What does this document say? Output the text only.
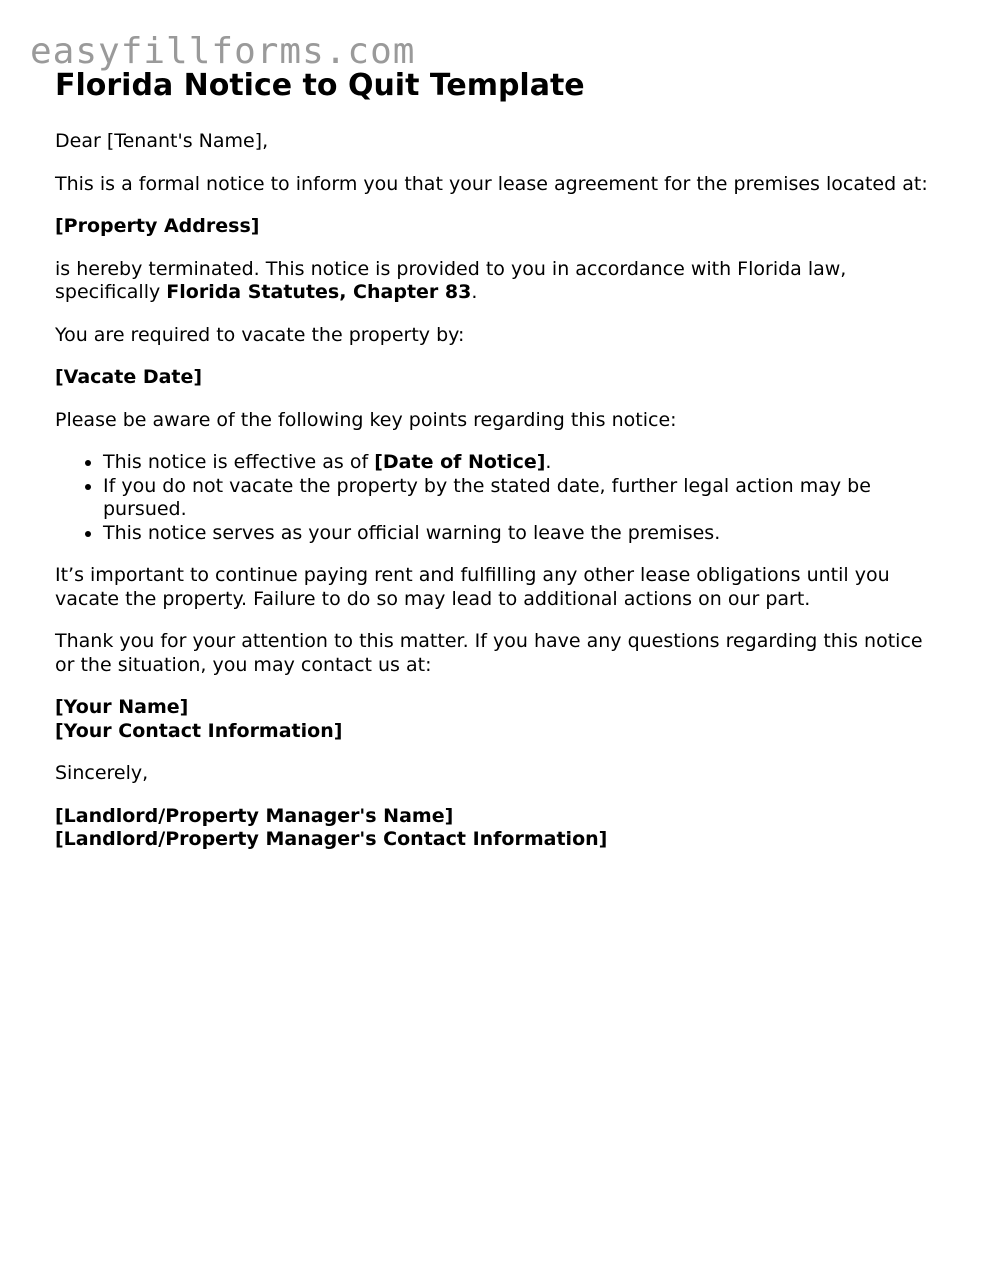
easyfillforms.com
Florida Notice to Quit Template

Dear [Tenant's Name],

This is a formal notice to inform you that your lease agreement for the premises located at:

[Property Address]

is hereby terminated. This notice is provided to you in accordance with Florida law, specifically Florida Statutes, Chapter 83.

You are required to vacate the property by:

[Vacate Date]

Please be aware of the following key points regarding this notice:

• This notice is effective as of [Date of Notice].
• If you do not vacate the property by the stated date, further legal action may be pursued.
• This notice serves as your official warning to leave the premises.

It’s important to continue paying rent and fulfilling any other lease obligations until you vacate the property. Failure to do so may lead to additional actions on our part.

Thank you for your attention to this matter. If you have any questions regarding this notice or the situation, you may contact us at:

[Your Name]
[Your Contact Information]

Sincerely,

[Landlord/Property Manager's Name]
[Landlord/Property Manager's Contact Information]
